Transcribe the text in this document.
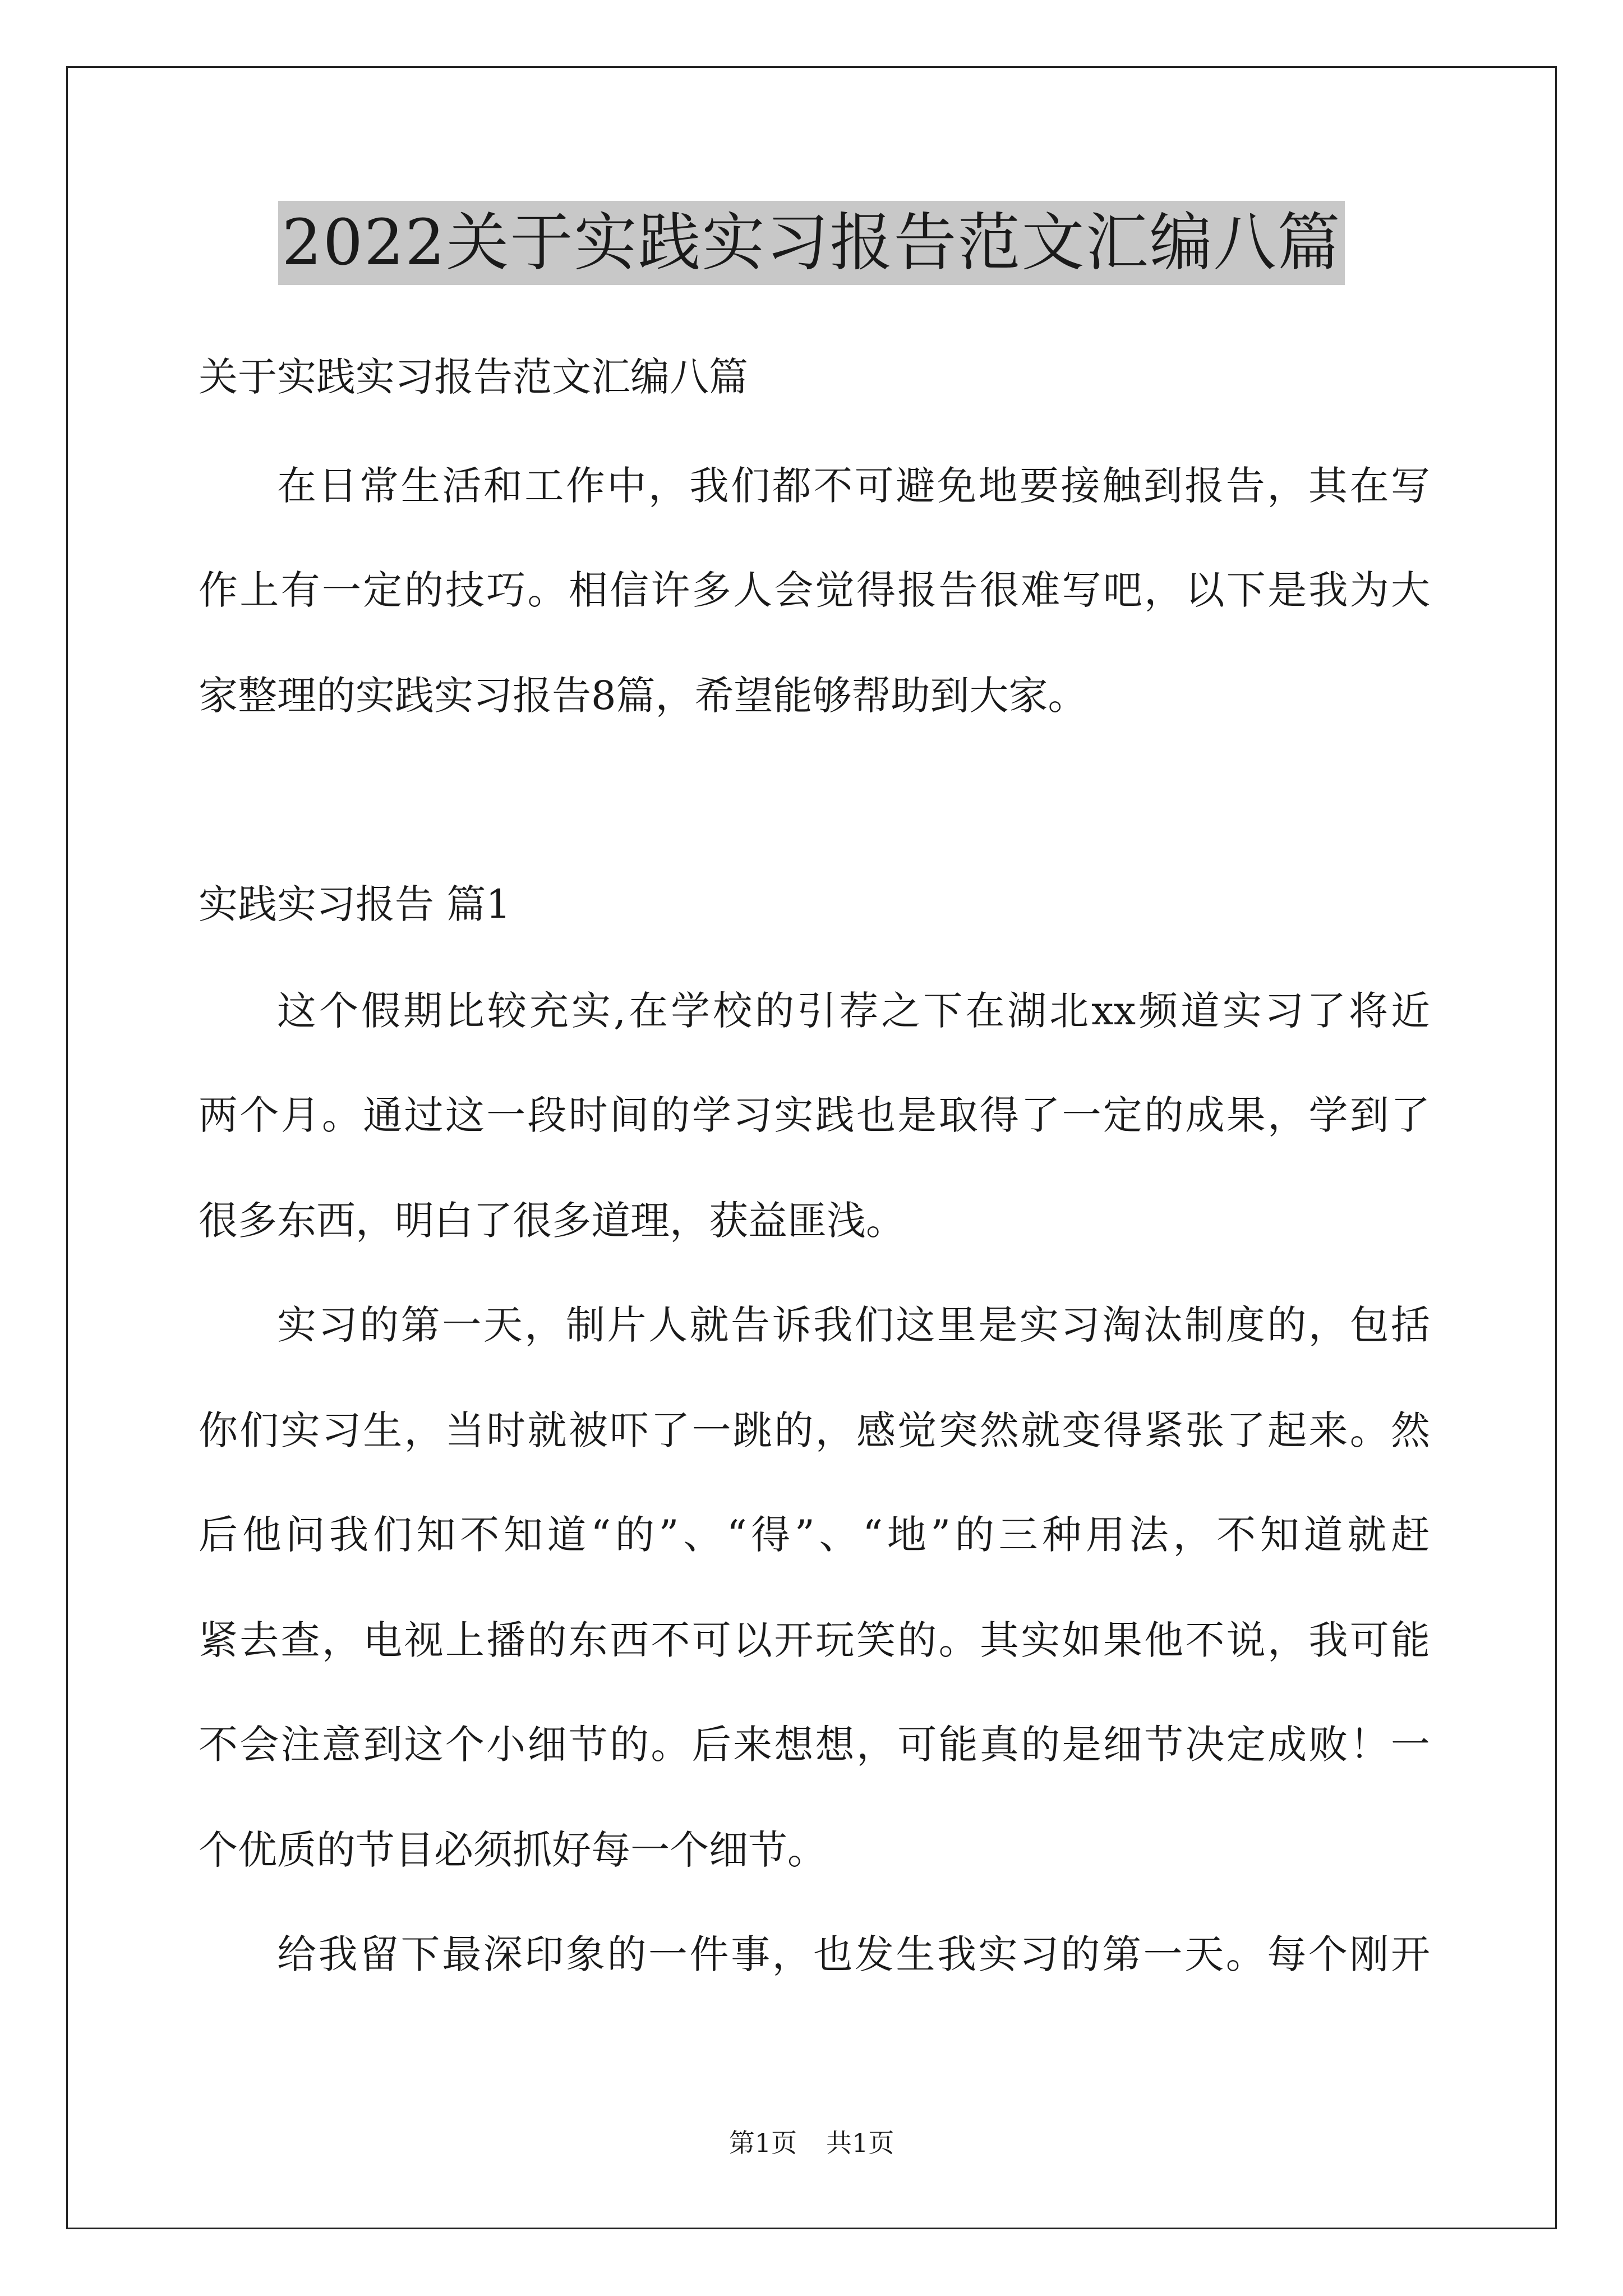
2022关于实践实习报告范文汇编八篇
关于实践实习报告范文汇编八篇
在日常生活和工作中，我们都不可避免地要接触到报告，其在写
作上有一定的技巧。相信许多人会觉得报告很难写吧，以下是我为大
家整理的实践实习报告8篇，希望能够帮助到大家。
实践实习报告 篇1
这个假期比较充实,在学校的引荐之下在湖北xx频道实习了将近
两个月。通过这一段时间的学习实践也是取得了一定的成果，学到了
很多东西，明白了很多道理，获益匪浅。
实习的第一天，制片人就告诉我们这里是实习淘汰制度的，包括
你们实习生，当时就被吓了一跳的，感觉突然就变得紧张了起来。然
后他问我们知不知道“的”、“得”、“地”的三种用法，不知道就赶
紧去查，电视上播的东西不可以开玩笑的。其实如果他不说，我可能
不会注意到这个小细节的。后来想想，可能真的是细节决定成败！一
个优质的节目必须抓好每一个细节。
给我留下最深印象的一件事，也发生我实习的第一天。每个刚开
第1页 共1页
